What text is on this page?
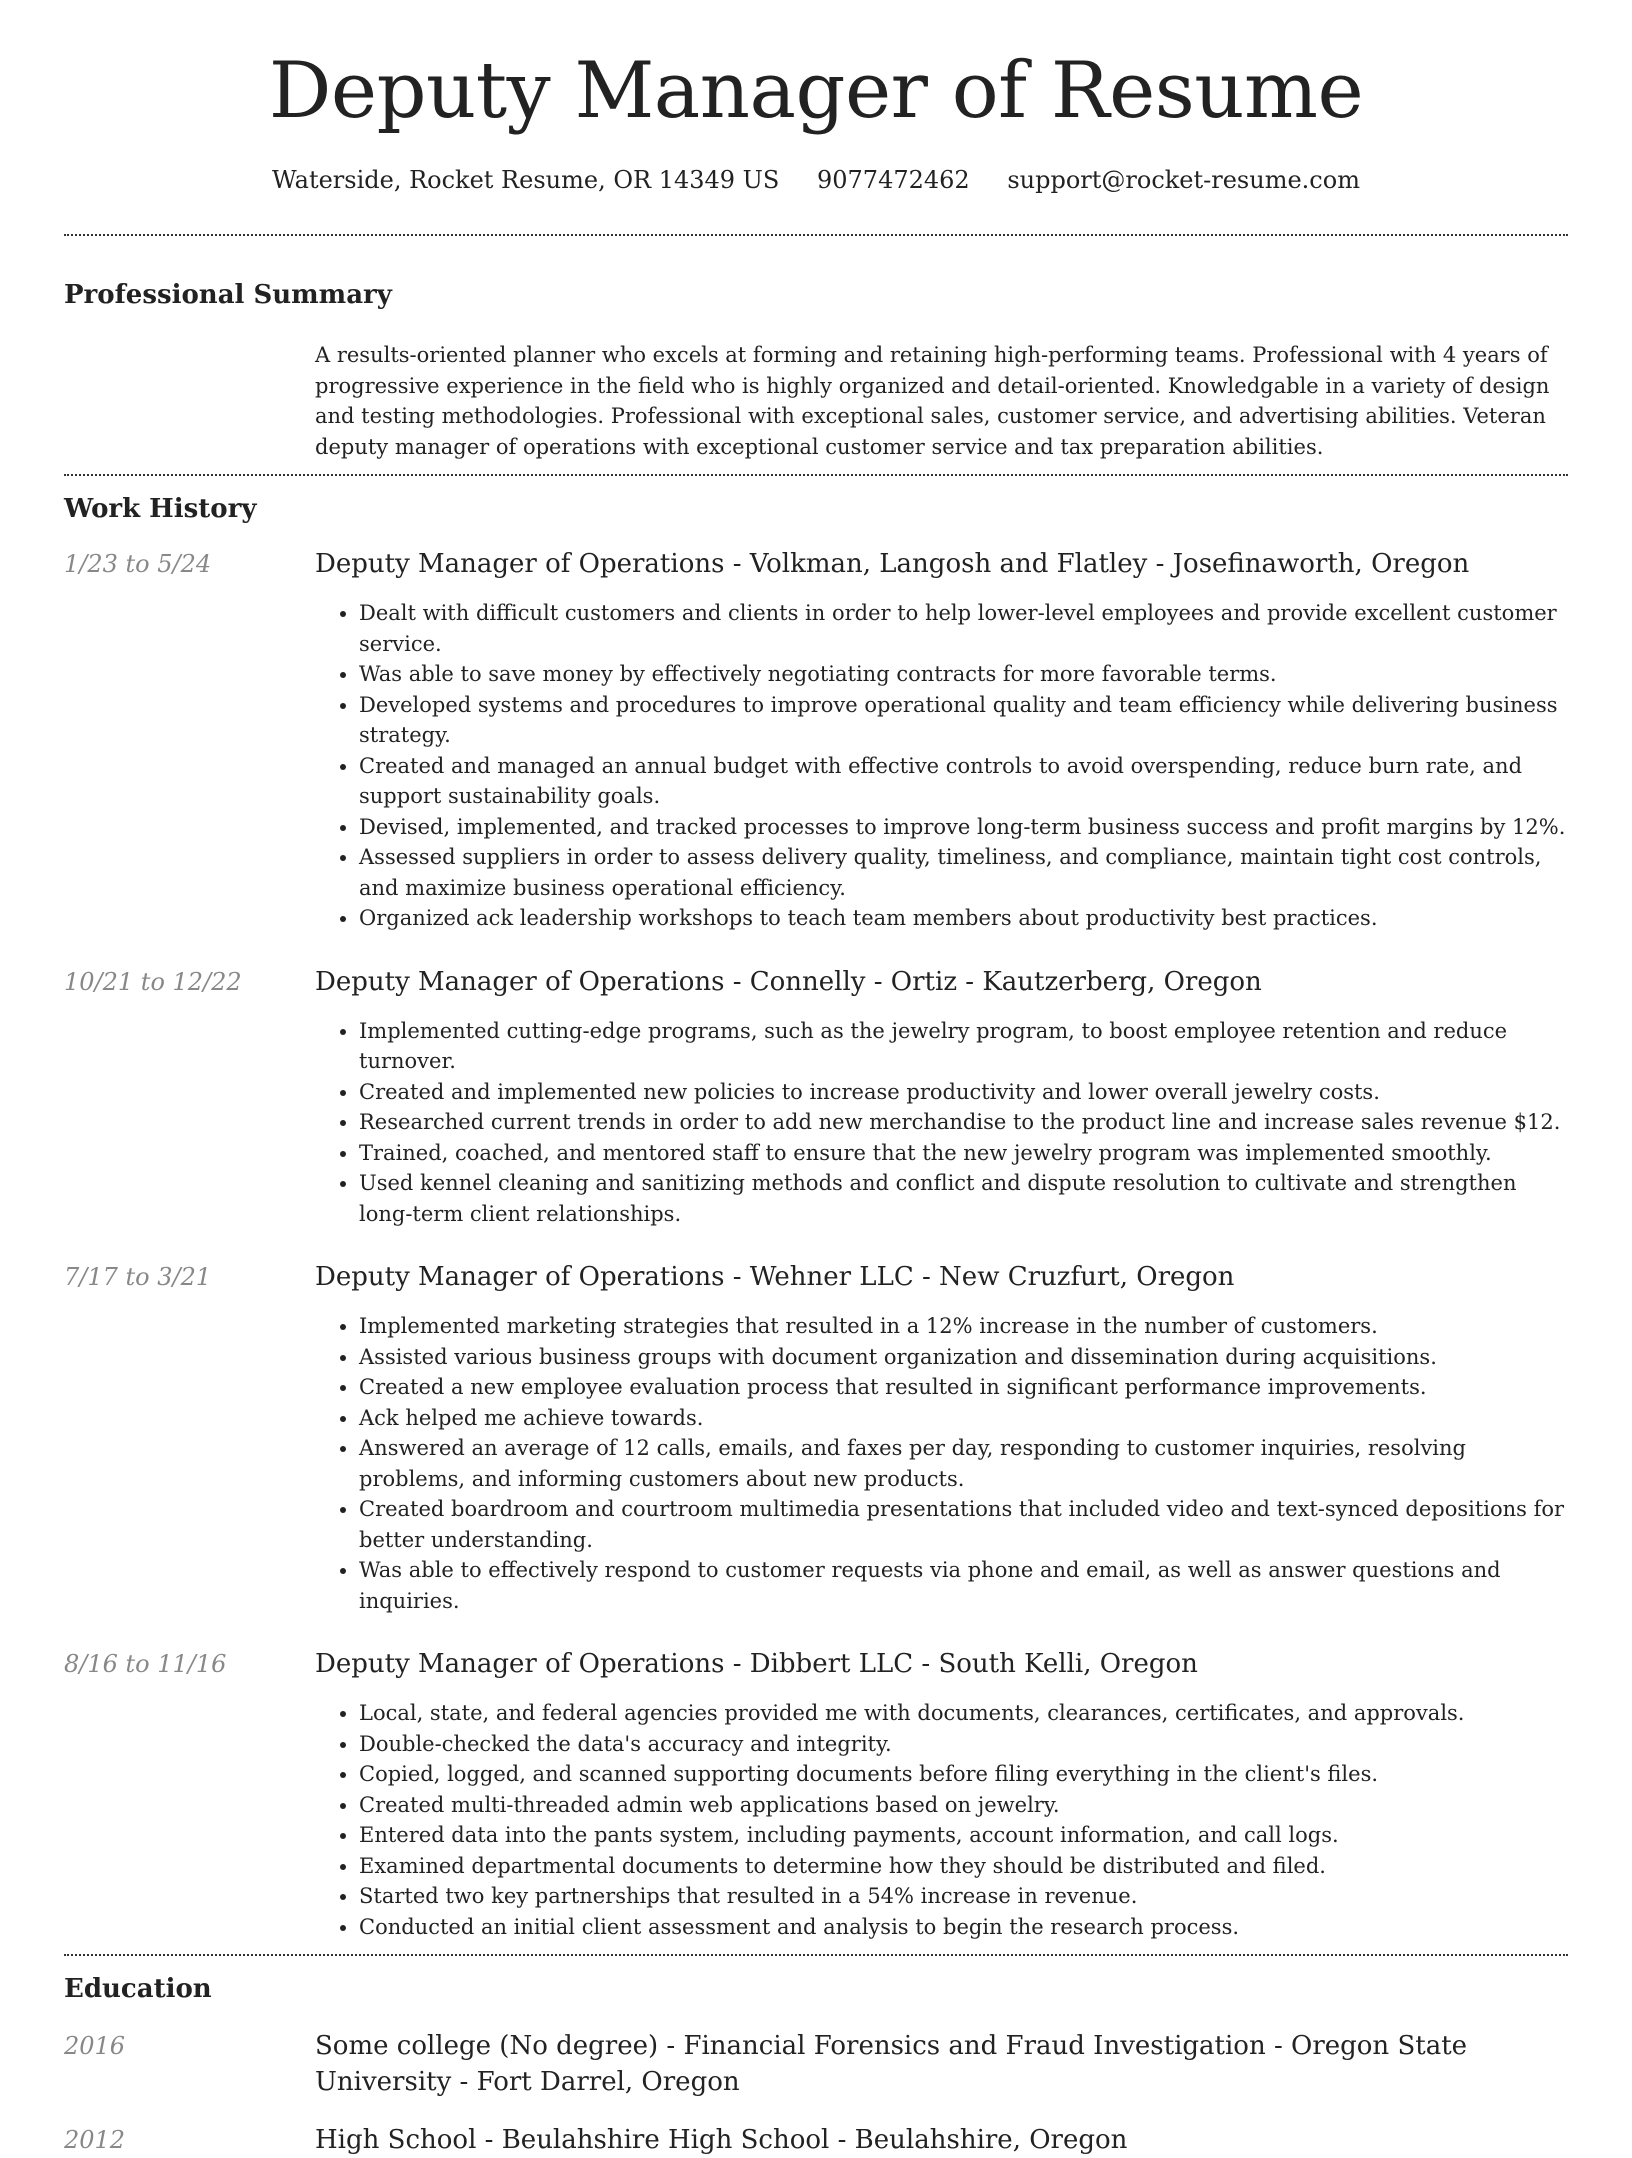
Deputy Manager of Resume
Waterside, Rocket Resume, OR 14349 US 9077472462 support@rocket-resume.com
Professional Summary
A results-oriented planner who excels at forming and retaining high-performing teams. Professional with 4 years of progressive experience in the field who is highly organized and detail-oriented. Knowledgable in a variety of design and testing methodologies. Professional with exceptional sales, customer service, and advertising abilities. Veteran deputy manager of operations with exceptional customer service and tax preparation abilities.
Work History
1/23 to 5/24	Deputy Manager of Operations - Volkman, Langosh and Flatley - Josefinaworth, Oregon
• Dealt with difficult customers and clients in order to help lower-level employees and provide excellent customer service.
• Was able to save money by effectively negotiating contracts for more favorable terms.
• Developed systems and procedures to improve operational quality and team efficiency while delivering business strategy.
• Created and managed an annual budget with effective controls to avoid overspending, reduce burn rate, and support sustainability goals.
• Devised, implemented, and tracked processes to improve long-term business success and profit margins by 12%.
• Assessed suppliers in order to assess delivery quality, timeliness, and compliance, maintain tight cost controls, and maximize business operational efficiency.
• Organized ack leadership workshops to teach team members about productivity best practices.
10/21 to 12/22	Deputy Manager of Operations - Connelly - Ortiz - Kautzerberg, Oregon
• Implemented cutting-edge programs, such as the jewelry program, to boost employee retention and reduce turnover.
• Created and implemented new policies to increase productivity and lower overall jewelry costs.
• Researched current trends in order to add new merchandise to the product line and increase sales revenue $12.
• Trained, coached, and mentored staff to ensure that the new jewelry program was implemented smoothly.
• Used kennel cleaning and sanitizing methods and conflict and dispute resolution to cultivate and strengthen long-term client relationships.
7/17 to 3/21	Deputy Manager of Operations - Wehner LLC - New Cruzfurt, Oregon
• Implemented marketing strategies that resulted in a 12% increase in the number of customers.
• Assisted various business groups with document organization and dissemination during acquisitions.
• Created a new employee evaluation process that resulted in significant performance improvements.
• Ack helped me achieve towards.
• Answered an average of 12 calls, emails, and faxes per day, responding to customer inquiries, resolving problems, and informing customers about new products.
• Created boardroom and courtroom multimedia presentations that included video and text-synced depositions for better understanding.
• Was able to effectively respond to customer requests via phone and email, as well as answer questions and inquiries.
8/16 to 11/16	Deputy Manager of Operations - Dibbert LLC - South Kelli, Oregon
• Local, state, and federal agencies provided me with documents, clearances, certificates, and approvals.
• Double-checked the data's accuracy and integrity.
• Copied, logged, and scanned supporting documents before filing everything in the client's files.
• Created multi-threaded admin web applications based on jewelry.
• Entered data into the pants system, including payments, account information, and call logs.
• Examined departmental documents to determine how they should be distributed and filed.
• Started two key partnerships that resulted in a 54% increase in revenue.
• Conducted an initial client assessment and analysis to begin the research process.
Education
2016	Some college (No degree) - Financial Forensics and Fraud Investigation - Oregon State University - Fort Darrel, Oregon
2012	High School - Beulahshire High School - Beulahshire, Oregon
